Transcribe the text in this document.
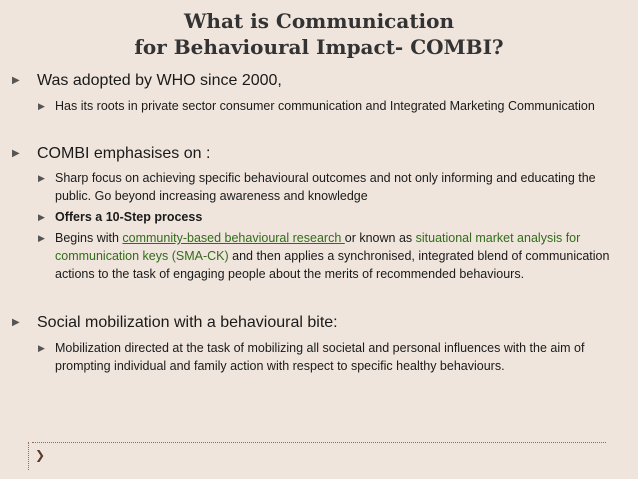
What is Communication
for Behavioural Impact- COMBI?
▶	Was adopted by WHO since 2000,
▶ Has its roots in private sector consumer communication and Integrated Marketing Communication
▶	COMBI emphasises on :
▶ Sharp focus on achieving specific behavioural outcomes and not only informing and educating the public. Go beyond increasing awareness and knowledge
▶ Offers a 10-Step process
▶ Begins with community-based behavioural research or known as situational market analysis for communication keys (SMA-CK) and then applies a synchronised, integrated blend of communication actions to the task of engaging people about the merits of recommended behaviours.
▶	Social mobilization with a behavioural bite:
▶ Mobilization directed at the task of mobilizing all societal and personal influences with the aim of prompting individual and family action with respect to specific healthy behaviours.
❯
